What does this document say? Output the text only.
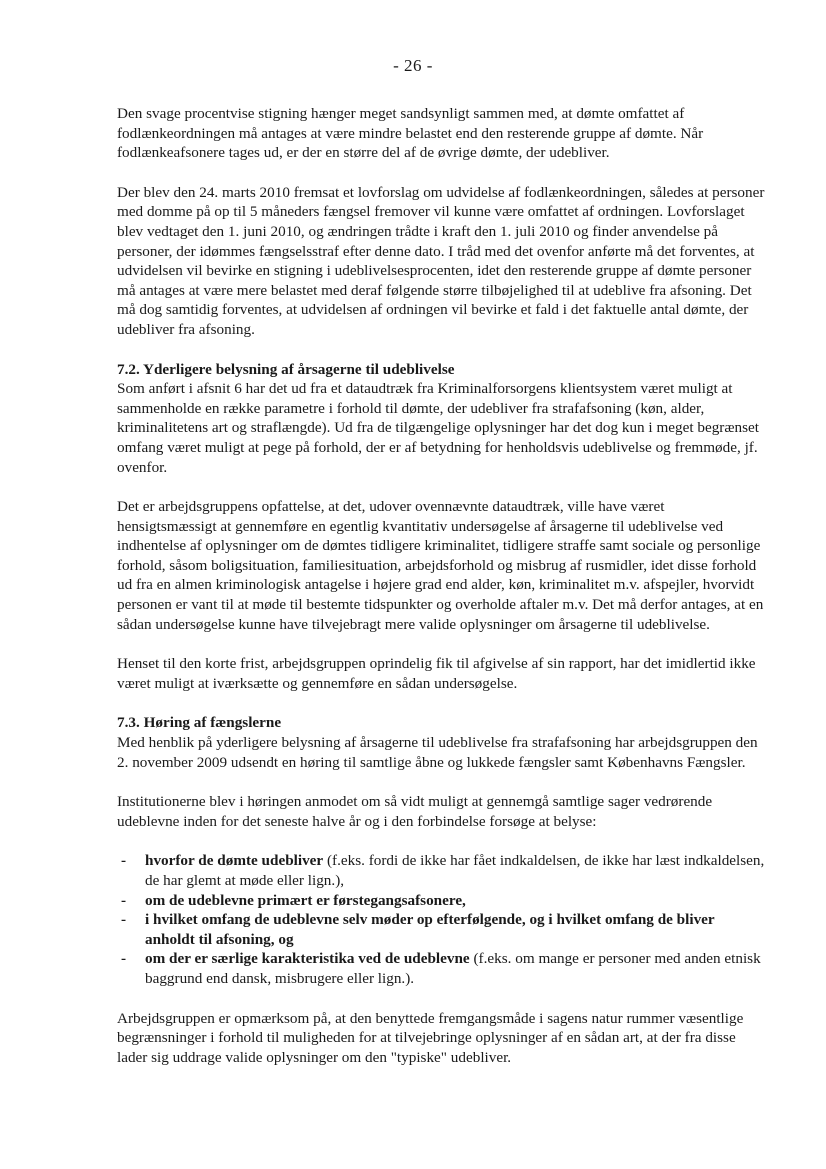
- 26 -

Den svage procentvise stigning hænger meget sandsynligt sammen med, at dømte omfattet af fodlænkeordningen må antages at være mindre belastet end den resterende gruppe af dømte. Når fodlænkeafsonere tages ud, er der en større del af de øvrige dømte, der udebliver.

Der blev den 24. marts 2010 fremsat et lovforslag om udvidelse af fodlænkeordningen, således at personer med domme på op til 5 måneders fængsel fremover vil kunne være omfattet af ordningen. Lovforslaget blev vedtaget den 1. juni 2010, og ændringen trådte i kraft den 1. juli 2010 og finder anvendelse på personer, der idømmes fængselsstraf efter denne dato. I tråd med det ovenfor anførte må det forventes, at udvidelsen vil bevirke en stigning i udeblivelsesprocenten, idet den resterende gruppe af dømte personer må antages at være mere belastet med deraf følgende større tilbøjelighed til at udeblive fra afsoning. Det må dog samtidig forventes, at udvidelsen af ordningen vil bevirke et fald i det faktuelle antal dømte, der udebliver fra afsoning.

7.2. Yderligere belysning af årsagerne til udeblivelse

Som anført i afsnit 6 har det ud fra et dataudtræk fra Kriminalforsorgens klientsystem været muligt at sammenholde en række parametre i forhold til dømte, der udebliver fra strafafsoning (køn, alder, kriminalitetens art og straflængde). Ud fra de tilgængelige oplysninger har det dog kun i meget begrænset omfang været muligt at pege på forhold, der er af betydning for henholdsvis udeblivelse og fremmøde, jf. ovenfor.

Det er arbejdsgruppens opfattelse, at det, udover ovennævnte dataudtræk, ville have været hensigtsmæssigt at gennemføre en egentlig kvantitativ undersøgelse af årsagerne til udeblivelse ved indhentelse af oplysninger om de dømtes tidligere kriminalitet, tidligere straffe samt sociale og personlige forhold, såsom boligsituation, familiesituation, arbejdsforhold og misbrug af rusmidler, idet disse forhold ud fra en almen kriminologisk antagelse i højere grad end alder, køn, kriminalitet m.v. afspejler, hvorvidt personen er vant til at møde til bestemte tidspunkter og overholde aftaler m.v. Det må derfor antages, at en sådan undersøgelse kunne have tilvejebragt mere valide oplysninger om årsagerne til udeblivelse.

Henset til den korte frist, arbejdsgruppen oprindelig fik til afgivelse af sin rapport, har det imidlertid ikke været muligt at iværksætte og gennemføre en sådan undersøgelse.

7.3. Høring af fængslerne

Med henblik på yderligere belysning af årsagerne til udeblivelse fra strafafsoning har arbejdsgruppen den 2. november 2009 udsendt en høring til samtlige åbne og lukkede fængsler samt Københavns Fængsler.

Institutionerne blev i høringen anmodet om så vidt muligt at gennemgå samtlige sager vedrørende udeblevne inden for det seneste halve år og i den forbindelse forsøge at belyse:

- hvorfor de dømte udebliver (f.eks. fordi de ikke har fået indkaldelsen, de ikke har læst indkaldelsen, de har glemt at møde eller lign.),
- om de udeblevne primært er førstegangsafsonere,
- i hvilket omfang de udeblevne selv møder op efterfølgende, og i hvilket omfang de bliver anholdt til afsoning, og
- om der er særlige karakteristika ved de udeblevne (f.eks. om mange er personer med anden etnisk baggrund end dansk, misbrugere eller lign.).

Arbejdsgruppen er opmærksom på, at den benyttede fremgangsmåde i sagens natur rummer væsentlige begrænsninger i forhold til muligheden for at tilvejebringe oplysninger af en sådan art, at der fra disse lader sig uddrage valide oplysninger om den "typiske" udebliver.
